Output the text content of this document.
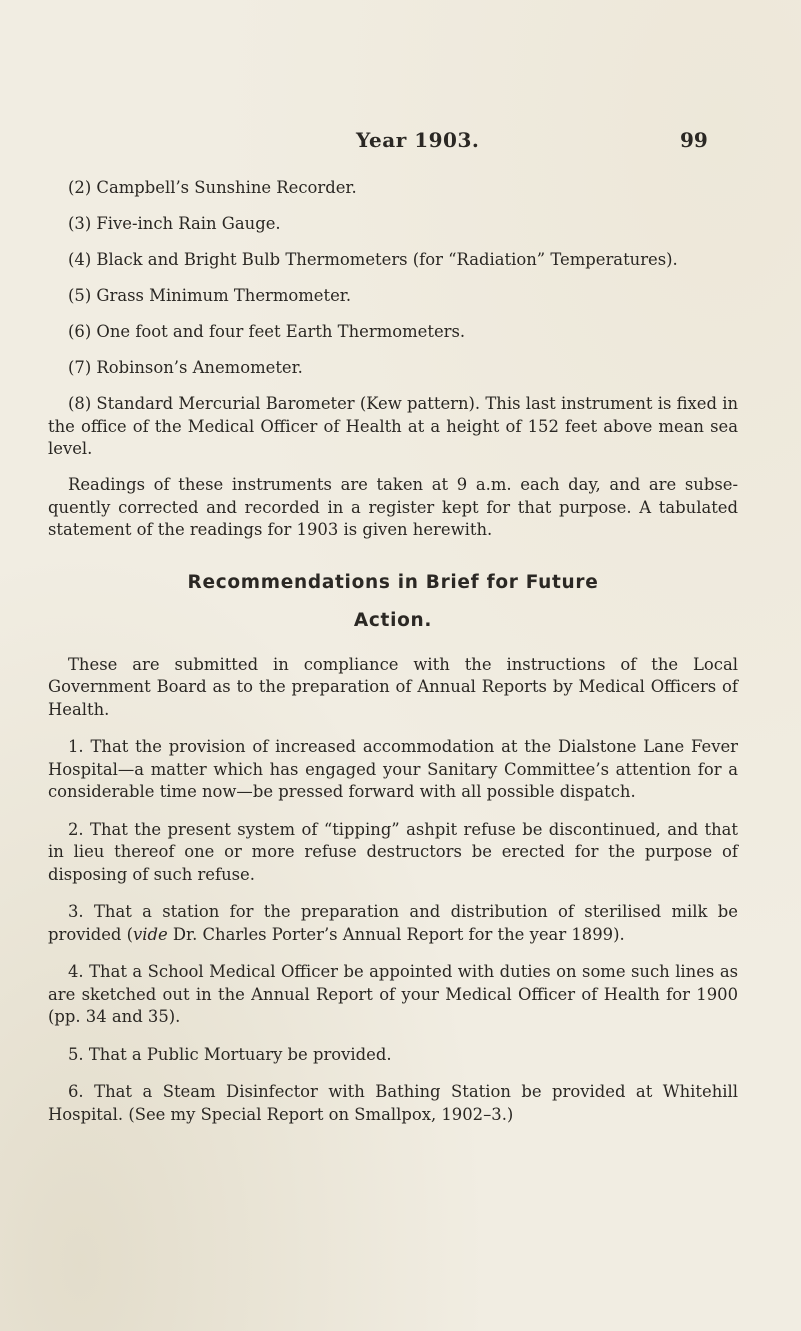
Year 1903.	99

(2) Campbell’s Sunshine Recorder.

(3) Five-inch Rain Gauge.

(4) Black and Bright Bulb Thermometers (for “Radiation” Temperatures).

(5) Grass Minimum Thermometer.

(6) One foot and four feet Earth Thermometers.

(7) Robinson’s Anemometer.

(8) Standard Mercurial Barometer (Kew pattern). This last instrument is fixed in the office of the Medical Officer of Health at a height of 152 feet above mean sea level.

Readings of these instruments are taken at 9 a.m. each day, and are subsequently corrected and recorded in a register kept for that purpose. A tabulated statement of the readings for 1903 is given herewith.

Recommendations in Brief for Future
Action.

These are submitted in compliance with the instructions of the Local Government Board as to the preparation of Annual Reports by Medical Officers of Health.

1. That the provision of increased accommodation at the Dialstone Lane Fever Hospital—a matter which has engaged your Sanitary Committee’s attention for a considerable time now—be pressed forward with all possible dispatch.

2. That the present system of “tipping” ashpit refuse be discontinued, and that in lieu thereof one or more refuse destructors be erected for the purpose of disposing of such refuse.

3. That a station for the preparation and distribution of sterilised milk be provided (vide Dr. Charles Porter’s Annual Report for the year 1899).

4. That a School Medical Officer be appointed with duties on some such lines as are sketched out in the Annual Report of your Medical Officer of Health for 1900 (pp. 34 and 35).

5. That a Public Mortuary be provided.

6. That a Steam Disinfector with Bathing Station be provided at Whitehill Hospital. (See my Special Report on Smallpox, 1902–3.)
